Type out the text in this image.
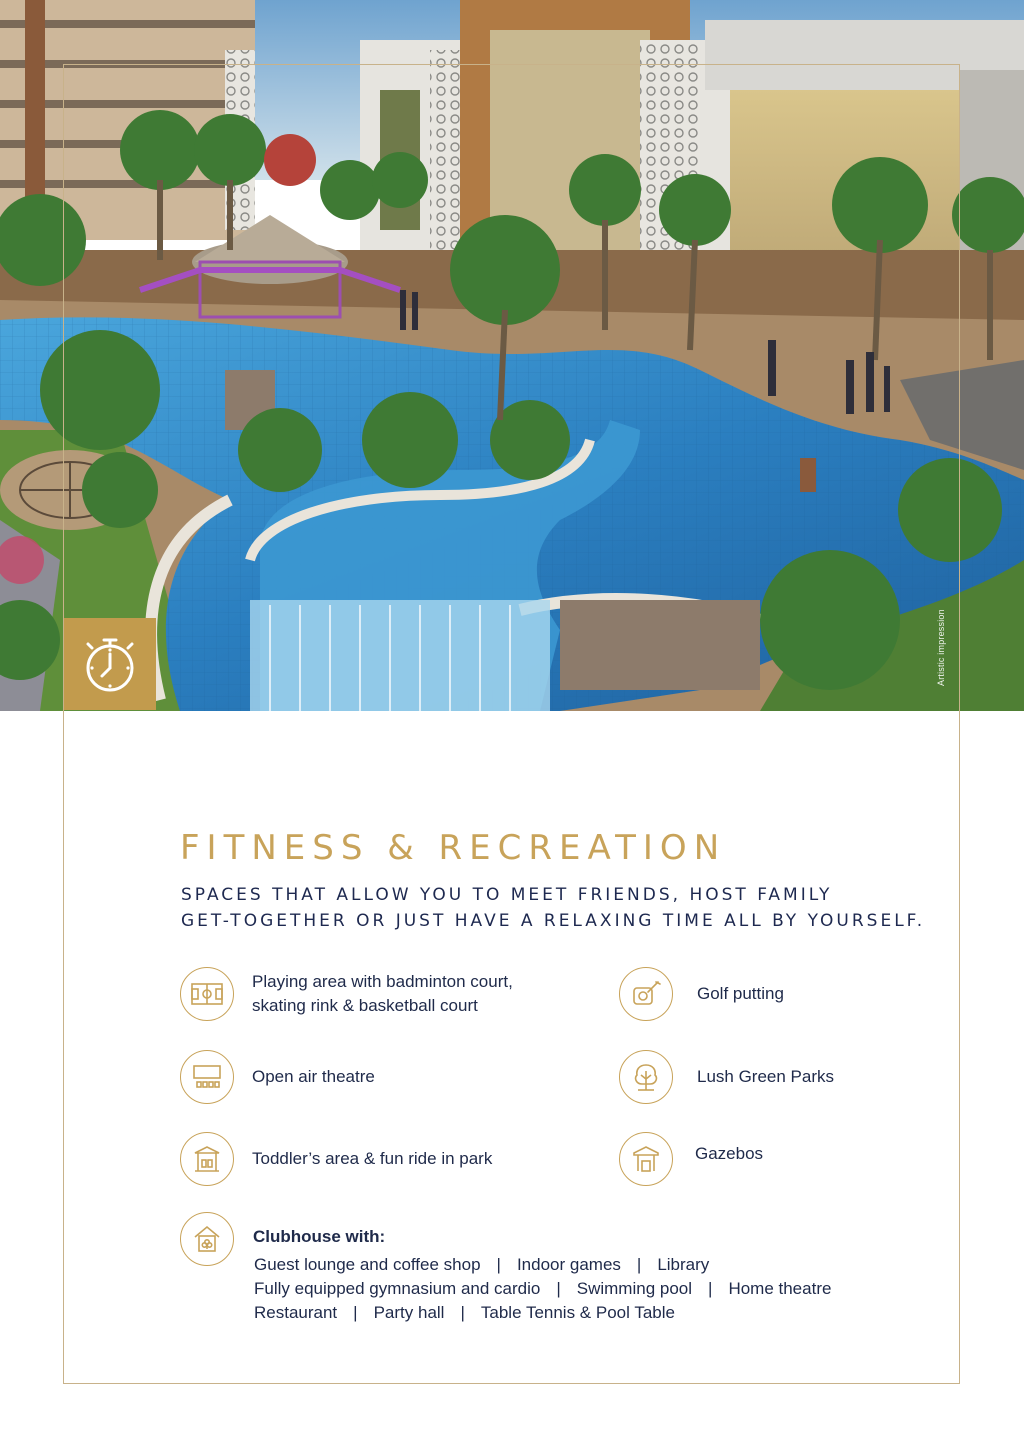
Artistic impression
FITNESS & RECREATION
SPACES THAT ALLOW YOU TO MEET FRIENDS, HOST FAMILY
GET-TOGETHER OR JUST HAVE A RELAXING TIME ALL BY YOURSELF.
Playing area with badminton court,
skating rink & basketball court
Golf putting
Open air theatre	Lush Green Parks
Toddler’s area & fun ride in park	Gazebos
Clubhouse with:
Guest lounge and coffee shop | Indoor games | Library
Fully equipped gymnasium and cardio | Swimming pool | Home theatre
Restaurant | Party hall | Table Tennis & Pool Table
